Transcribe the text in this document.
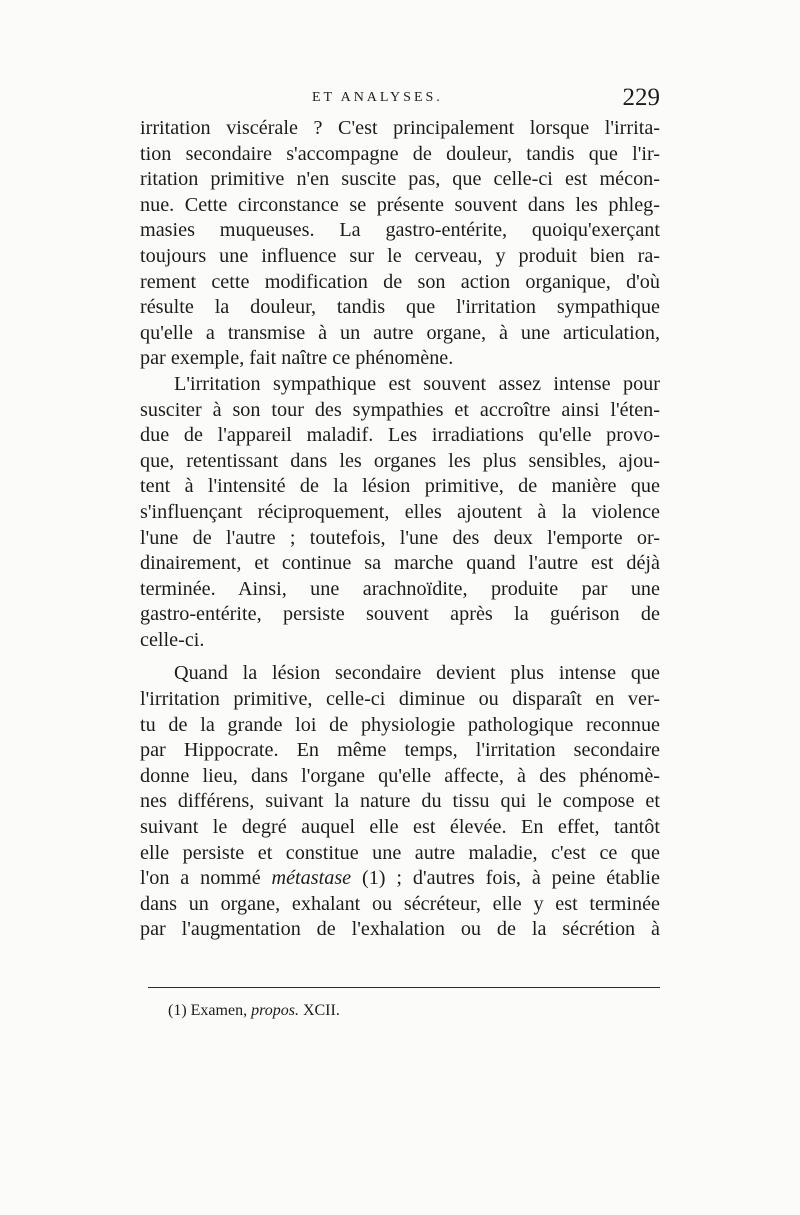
ET ANALYSES.	229
irritation viscérale ? C'est principalement lorsque l'irrita-
tion secondaire s'accompagne de douleur, tandis que l'ir-
ritation primitive n'en suscite pas, que celle-ci est mécon-
nue. Cette circonstance se présente souvent dans les phleg-
masies muqueuses. La gastro-entérite, quoiqu'exerçant
toujours une influence sur le cerveau, y produit bien ra-
rement cette modification de son action organique, d'où
résulte la douleur, tandis que l'irritation sympathique
qu'elle a transmise à un autre organe, à une articulation,
par exemple, fait naître ce phénomène.
L'irritation sympathique est souvent assez intense pour
susciter à son tour des sympathies et accroître ainsi l'éten-
due de l'appareil maladif. Les irradiations qu'elle provo-
que, retentissant dans les organes les plus sensibles, ajou-
tent à l'intensité de la lésion primitive, de manière que
s'influençant réciproquement, elles ajoutent à la violence
l'une de l'autre ; toutefois, l'une des deux l'emporte or-
dinairement, et continue sa marche quand l'autre est déjà
terminée. Ainsi, une arachnoïdite, produite par une
gastro-entérite, persiste souvent après la guérison de
celle-ci.
Quand la lésion secondaire devient plus intense que
l'irritation primitive, celle-ci diminue ou disparaît en ver-
tu de la grande loi de physiologie pathologique reconnue
par Hippocrate. En même temps, l'irritation secondaire
donne lieu, dans l'organe qu'elle affecte, à des phénomè-
nes différens, suivant la nature du tissu qui le compose et
suivant le degré auquel elle est élevée. En effet, tantôt
elle persiste et constitue une autre maladie, c'est ce que
l'on a nommé métastase (1) ; d'autres fois, à peine établie
dans un organe, exhalant ou sécréteur, elle y est terminée
par l'augmentation de l'exhalation ou de la sécrétion à
(1) Examen, propos. XCII.
